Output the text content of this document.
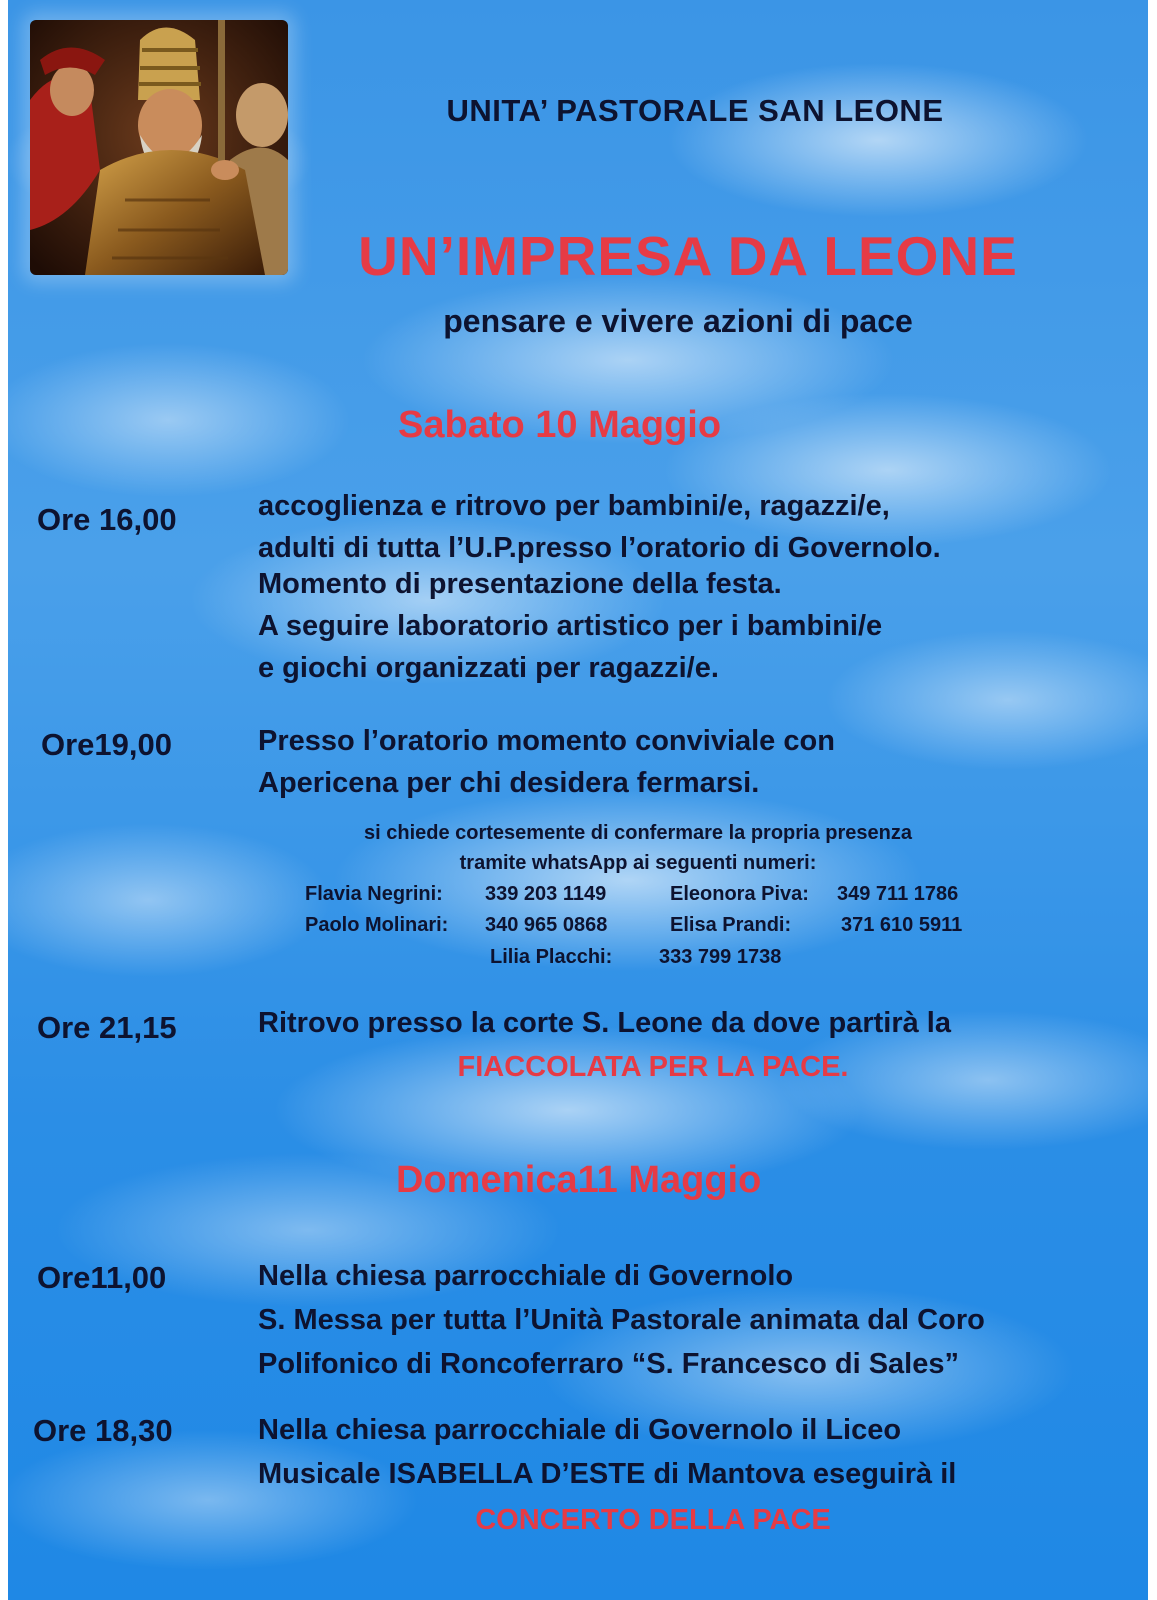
UNITA’ PASTORALE SAN LEONE
UN’IMPRESA DA LEONE
pensare e vivere azioni di pace
Sabato 10 Maggio
Ore 16,00	accoglienza e ritrovo per bambini/e, ragazzi/e,
adulti di tutta l’U.P.presso l’oratorio di Governolo.
Momento di presentazione della festa.
A seguire laboratorio artistico per i bambini/e
e giochi organizzati per ragazzi/e.
Ore19,00	Presso l’oratorio momento conviviale con
Apericena per chi desidera fermarsi.
si chiede cortesemente di confermare la propria presenza
tramite whatsApp ai seguenti numeri:
Flavia Negrini: 339 203 1149	Eleonora Piva: 349 711 1786
Paolo Molinari: 340 965 0868	Elisa Prandi: 371 610 5911
Lilia Placchi: 333 799 1738
Ore 21,15	Ritrovo presso la corte S. Leone da dove partirà la
FIACCOLATA PER LA PACE.
Domenica11 Maggio
Ore11,00	Nella chiesa parrocchiale di Governolo
S. Messa per tutta l’Unità Pastorale animata dal Coro
Polifonico di Roncoferraro “S. Francesco di Sales”
Ore 18,30	Nella chiesa parrocchiale di Governolo il Liceo
Musicale ISABELLA D’ESTE di Mantova eseguirà il
CONCERTO DELLA PACE
